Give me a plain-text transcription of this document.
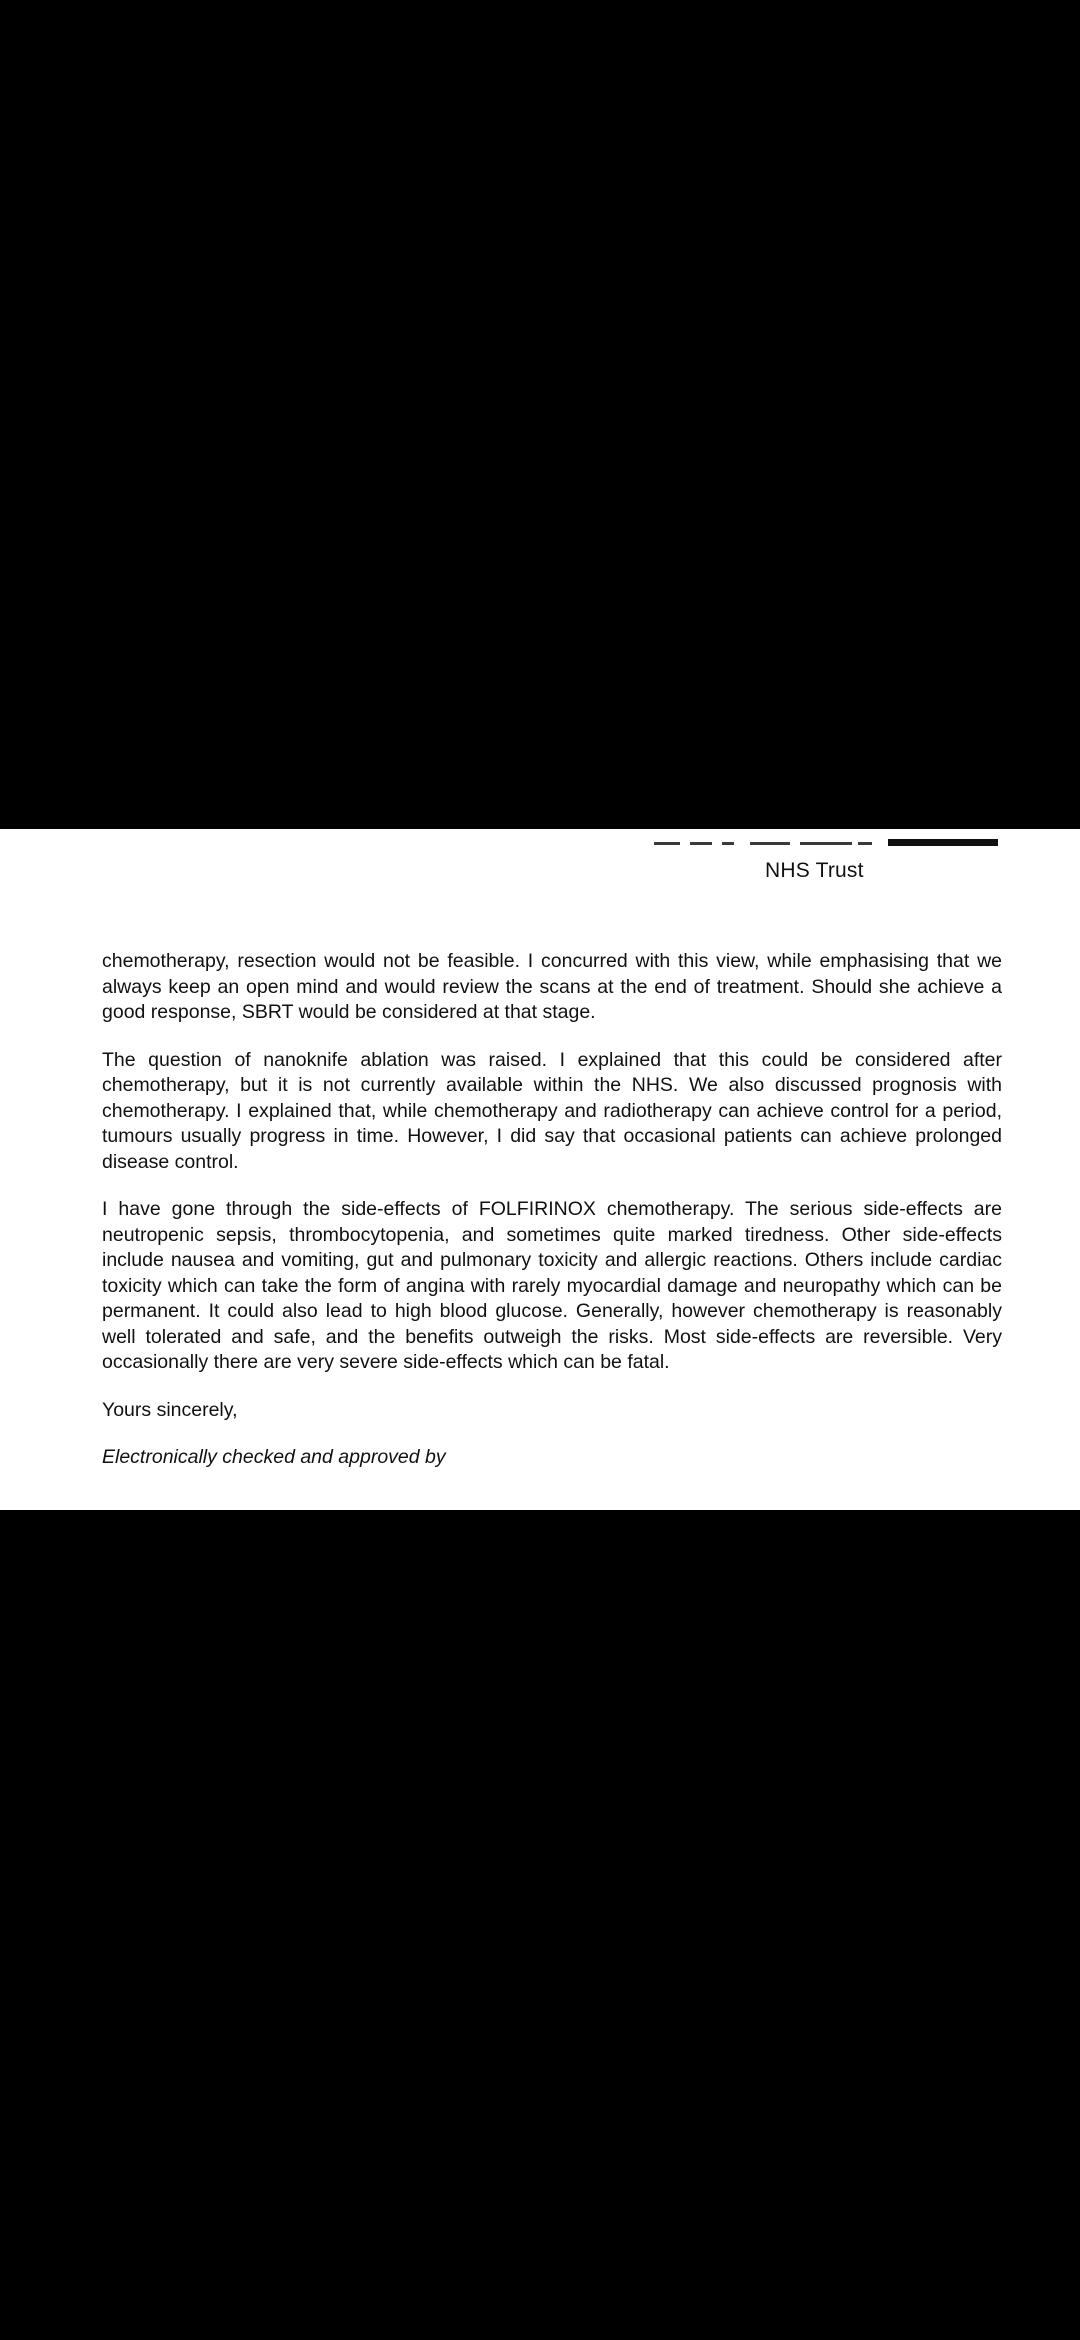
NHS Trust

chemotherapy, resection would not be feasible. I concurred with this view, while emphasising that we always keep an open mind and would review the scans at the end of treatment. Should she achieve a good response, SBRT would be considered at that stage.

The question of nanoknife ablation was raised. I explained that this could be considered after chemotherapy, but it is not currently available within the NHS. We also discussed prognosis with chemotherapy. I explained that, while chemotherapy and radiotherapy can achieve control for a period, tumours usually progress in time. However, I did say that occasional patients can achieve prolonged disease control.

I have gone through the side-effects of FOLFIRINOX chemotherapy. The serious side-effects are neutropenic sepsis, thrombocytopenia, and sometimes quite marked tiredness. Other side-effects include nausea and vomiting, gut and pulmonary toxicity and allergic reactions. Others include cardiac toxicity which can take the form of angina with rarely myocardial damage and neuropathy which can be permanent. It could also lead to high blood glucose. Generally, however chemotherapy is reasonably well tolerated and safe, and the benefits outweigh the risks. Most side-effects are reversible. Very occasionally there are very severe side-effects which can be fatal.

Yours sincerely,

Electronically checked and approved by
